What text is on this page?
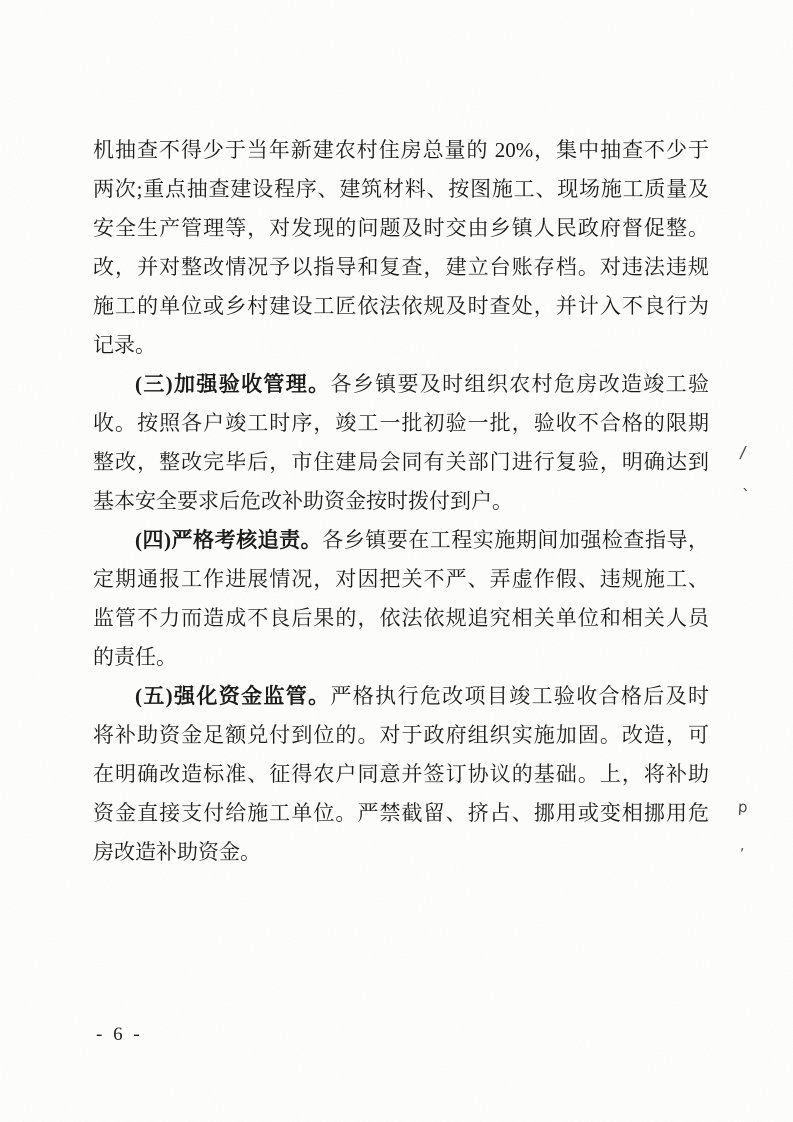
机抽查不得少于当年新建农村住房总量的 20%，集中抽查不少于
两次;重点抽查建设程序、建筑材料、按图施工、现场施工质量及
安全生产管理等，对发现的问题及时交由乡镇人民政府督促整。
改，并对整改情况予以指导和复查，建立台账存档。对违法违规
施工的单位或乡村建设工匠依法依规及时查处，并计入不良行为
记录。
(三)加强验收管理。各乡镇要及时组织农村危房改造竣工验
收。按照各户竣工时序，竣工一批初验一批，验收不合格的限期
整改，整改完毕后，市住建局会同有关部门进行复验，明确达到
基本安全要求后危改补助资金按时拨付到户。
(四)严格考核追责。各乡镇要在工程实施期间加强检查指导，
定期通报工作进展情况，对因把关不严、弄虚作假、违规施工、
监管不力而造成不良后果的，依法依规追究相关单位和相关人员
的责任。
(五)强化资金监管。严格执行危改项目竣工验收合格后及时
将补助资金足额兑付到位的。对于政府组织实施加固。改造，可
在明确改造标准、征得农户同意并签订协议的基础。上，将补助
资金直接支付给施工单位。严禁截留、挤占、挪用或变相挪用危
房改造补助资金。
- 6 -
/
`
p
,
